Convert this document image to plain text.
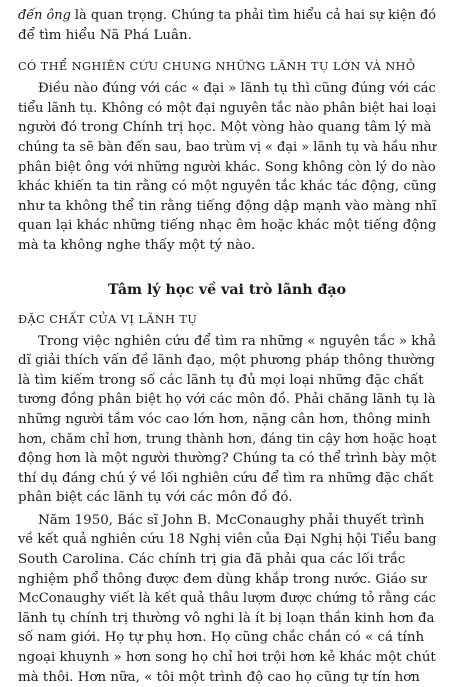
đến ông là quan trọng. Chúng ta phải tìm hiểu cả hai sự kiện đó

để tìm hiểu Nã Phá Luân.

CÓ THỂ NGHIÊN CỨU CHUNG NHỮNG LÃNH TỤ LỚN VÀ NHỎ

Điều nào đúng với các « đại » lãnh tụ thì cũng đúng với các

tiểu lãnh tụ. Không có một đại nguyên tắc nào phân biệt hai loại

người đó trong Chính trị học. Một vòng hào quang tâm lý mà

chúng ta sẽ bàn đến sau, bao trùm vị « đại » lãnh tụ và hầu như

phân biệt ông với những người khác. Song không còn lý do nào

khác khiến ta tin rằng có một nguyên tắc khác tác động, cũng

như ta không thể tin rằng tiếng động dập mạnh vào màng nhĩ

quan lại khác những tiếng nhạc êm hoặc khác một tiếng động

mà ta không nghe thấy một tý nào.

Tâm lý học về vai trò lãnh đạo
ĐẶC CHẤT CỦA VỊ LÃNH TỤ

Trong việc nghiên cứu để tìm ra những « nguyên tắc » khả

dĩ giải thích vấn đề lãnh đạo, một phương pháp thông thường

là tìm kiếm trong số các lãnh tụ đủ mọi loại những đặc chất

tương đồng phân biệt họ với các môn đồ. Phải chăng lãnh tụ là

những người tầm vóc cao lớn hơn, nặng cân hơn, thông minh

hơn, chăm chỉ hơn, trung thành hơn, đáng tin cậy hơn hoặc hoạt

động hơn là một người thường? Chúng ta có thể trình bày một

thí dụ đáng chú ý về lối nghiên cứu để tìm ra những đặc chất

phân biệt các lãnh tụ với các môn đồ đó.

Năm 1950, Bác sĩ John B. McConaughy phải thuyết trình

về kết quả nghiên cứu 18 Nghị viên của Đại Nghị hội Tiểu bang

South Carolina. Các chính trị gia đã phải qua các lối trắc

nghiệm phổ thông được đem dùng khắp trong nước. Giáo sư

McConaughy viết là kết quả thâu lượm được chứng tỏ rằng các

lãnh tụ chính trị thường vô nghi là ít bị loạn thần kinh hơn đa

số nam giới. Họ tự phụ hơn. Họ cũng chắc chắn có « cá tính

ngoại khuynh » hơn song họ chỉ hơi trội hơn kẻ khác một chút

mà thôi. Hơn nữa, « tôi một trình độ cao họ cũng tự tín hơn
